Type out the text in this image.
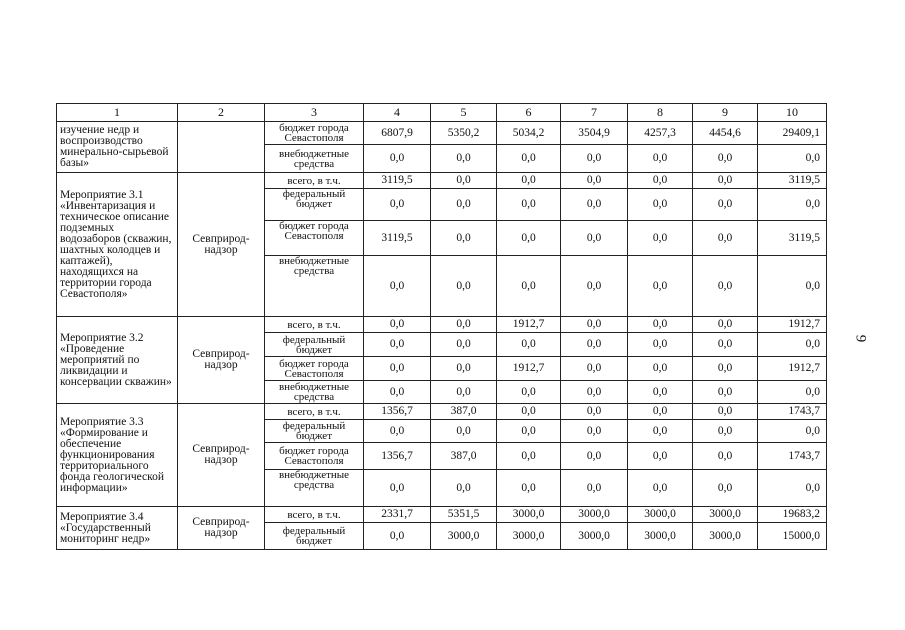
1	2	3	4	5	6	7	8	9	10
изучение недр и воспроизводство минерально-сырьевой базы»		бюджет города Севастополя	6807,9	5350,2	5034,2	3504,9	4257,3	4454,6	29409,1
		внебюджетные средства	0,0	0,0	0,0	0,0	0,0	0,0	0,0
Мероприятие 3.1 «Инвентаризация и техническое описание подземных водозаборов (скважин, шахтных колодцев и каптажей), находящихся на территории города Севастополя»	Севприрод-надзор	всего, в т.ч.	3119,5	0,0	0,0	0,0	0,0	0,0	3119,5
		федеральный бюджет	0,0	0,0	0,0	0,0	0,0	0,0	0,0
		бюджет города Севастополя	3119,5	0,0	0,0	0,0	0,0	0,0	3119,5
		внебюджетные средства	0,0	0,0	0,0	0,0	0,0	0,0	0,0
Мероприятие 3.2 «Проведение мероприятий по ликвидации и консервации скважин»	Севприрод-надзор	всего, в т.ч.	0,0	0,0	1912,7	0,0	0,0	0,0	1912,7
		федеральный бюджет	0,0	0,0	0,0	0,0	0,0	0,0	0,0
		бюджет города Севастополя	0,0	0,0	1912,7	0,0	0,0	0,0	1912,7
		внебюджетные средства	0,0	0,0	0,0	0,0	0,0	0,0	0,0
Мероприятие 3.3 «Формирование и обеспечение функционирования территориального фонда геологической информации»	Севприрод-надзор	всего, в т.ч.	1356,7	387,0	0,0	0,0	0,0	0,0	1743,7
		федеральный бюджет	0,0	0,0	0,0	0,0	0,0	0,0	0,0
		бюджет города Севастополя	1356,7	387,0	0,0	0,0	0,0	0,0	1743,7
		внебюджетные средства	0,0	0,0	0,0	0,0	0,0	0,0	0,0
Мероприятие 3.4 «Государственный мониторинг недр»	Севприрод-надзор	всего, в т.ч.	2331,7	5351,5	3000,0	3000,0	3000,0	3000,0	19683,2
		федеральный бюджет	0,0	3000,0	3000,0	3000,0	3000,0	3000,0	15000,0
9
